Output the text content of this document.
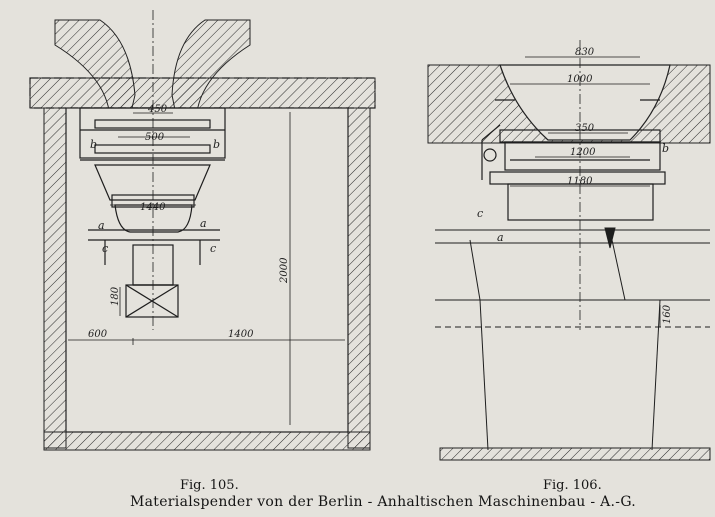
450
500
1440
2000
600	1400
180
a	a
b	b
c	c
830
1000
350
1200
1180
160
a
b
c
Fig. 105.	Fig. 106.
Materialspender von der Berlin - Anhaltischen Maschinenbau - A.-G.
